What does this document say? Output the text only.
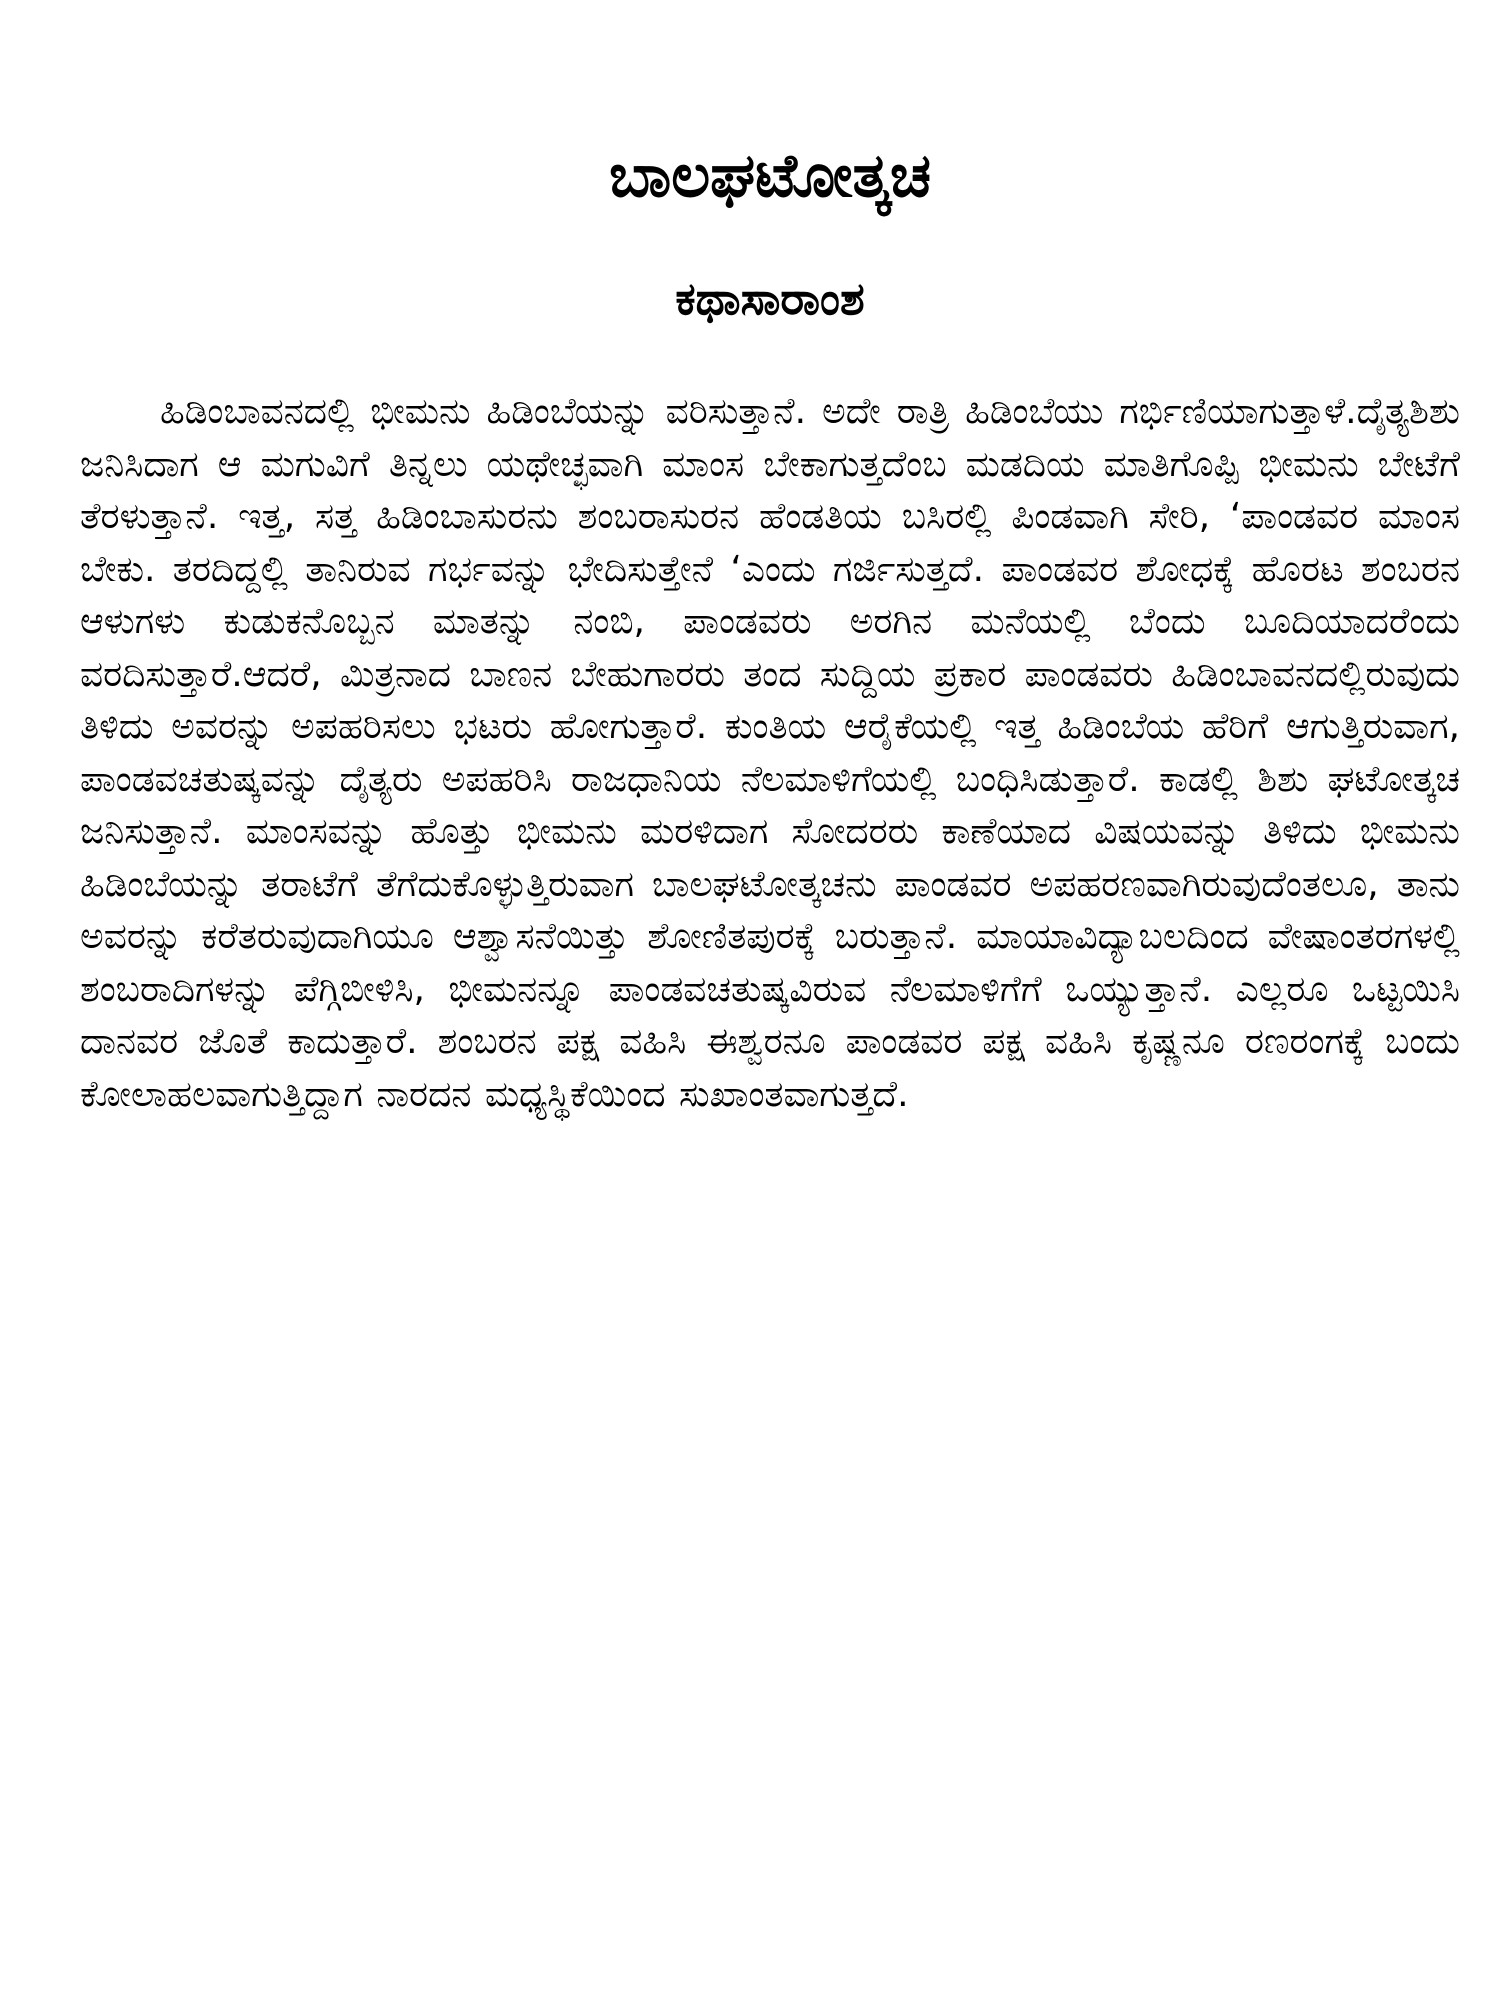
ಬಾಲಘಟೋತ್ಕಚ
ಕಥಾಸಾರಾಂಶ

ಹಿಡಿಂಬಾವನದಲ್ಲಿ ಭೀಮನು ಹಿಡಿಂಬೆಯನ್ನು ವರಿಸುತ್ತಾನೆ. ಅದೇ ರಾತ್ರಿ ಹಿಡಿಂಬೆಯು ಗರ್ಭಿಣಿಯಾಗುತ್ತಾಳೆ.ದೈತ್ಯಶಿಶು ಜನಿಸಿದಾಗ ಆ ಮಗುವಿಗೆ ತಿನ್ನಲು ಯಥೇಚ್ಛವಾಗಿ ಮಾಂಸ ಬೇಕಾಗುತ್ತದೆಂಬ ಮಡದಿಯ ಮಾತಿಗೊಪ್ಪಿ ಭೀಮನು ಬೇಟೆಗೆ ತೆರಳುತ್ತಾನೆ. ಇತ್ತ, ಸತ್ತ ಹಿಡಿಂಬಾಸುರನು ಶಂಬರಾಸುರನ ಹೆಂಡತಿಯ ಬಸಿರಲ್ಲಿ ಪಿಂಡವಾಗಿ ಸೇರಿ, ‘ಪಾಂಡವರ ಮಾಂಸ ಬೇಕು. ತರದಿದ್ದಲ್ಲಿ ತಾನಿರುವ ಗರ್ಭವನ್ನು ಭೇದಿಸುತ್ತೇನೆ ‘ಎಂದು ಗರ್ಜಿಸುತ್ತದೆ. ಪಾಂಡವರ ಶೋಧಕ್ಕೆ ಹೊರಟ ಶಂಬರನ ಆಳುಗಳು ಕುಡುಕನೊಬ್ಬನ ಮಾತನ್ನು ನಂಬಿ, ಪಾಂಡವರು ಅರಗಿನ ಮನೆಯಲ್ಲಿ ಬೆಂದು ಬೂದಿಯಾದರೆಂದು ವರದಿಸುತ್ತಾರೆ.ಆದರೆ, ಮಿತ್ರನಾದ ಬಾಣನ ಬೇಹುಗಾರರು ತಂದ ಸುದ್ದಿಯ ಪ್ರಕಾರ ಪಾಂಡವರು ಹಿಡಿಂಬಾವನದಲ್ಲಿರುವುದು ತಿಳಿದು ಅವರನ್ನು ಅಪಹರಿಸಲು ಭಟರು ಹೋಗುತ್ತಾರೆ. ಕುಂತಿಯ ಆರೈಕೆಯಲ್ಲಿ ಇತ್ತ ಹಿಡಿಂಬೆಯ ಹೆರಿಗೆ ಆಗುತ್ತಿರುವಾಗ, ಪಾಂಡವಚತುಷ್ಕವನ್ನು ದೈತ್ಯರು ಅಪಹರಿಸಿ ರಾಜಧಾನಿಯ ನೆಲಮಾಳಿಗೆಯಲ್ಲಿ ಬಂಧಿಸಿಡುತ್ತಾರೆ. ಕಾಡಲ್ಲಿ ಶಿಶು ಘಟೋತ್ಕಚ ಜನಿಸುತ್ತಾನೆ. ಮಾಂಸವನ್ನು ಹೊತ್ತು ಭೀಮನು ಮರಳಿದಾಗ ಸೋದರರು ಕಾಣೆಯಾದ ವಿಷಯವನ್ನು ತಿಳಿದು ಭೀಮನು ಹಿಡಿಂಬೆಯನ್ನು ತರಾಟೆಗೆ ತೆಗೆದುಕೊಳ್ಳುತ್ತಿರುವಾಗ ಬಾಲಘಟೋತ್ಕಚನು ಪಾಂಡವರ ಅಪಹರಣವಾಗಿರುವುದೆಂತಲೂ, ತಾನು ಅವರನ್ನು ಕರೆತರುವುದಾಗಿಯೂ ಆಶ್ವಾಸನೆಯಿತ್ತು ಶೋಣಿತಪುರಕ್ಕೆ ಬರುತ್ತಾನೆ. ಮಾಯಾವಿದ್ಯಾಬಲದಿಂದ ವೇಷಾಂತರಗಳಲ್ಲಿ ಶಂಬರಾದಿಗಳನ್ನು ಪೆಗ್ಗಿಬೀಳಿಸಿ, ಭೀಮನನ್ನೂ ಪಾಂಡವಚತುಷ್ಕವಿರುವ ನೆಲಮಾಳಿಗೆಗೆ ಒಯ್ಯುತ್ತಾನೆ. ಎಲ್ಲರೂ ಒಟ್ಟಯಿಸಿ ದಾನವರ ಜೊತೆ ಕಾದುತ್ತಾರೆ. ಶಂಬರನ ಪಕ್ಷ ವಹಿಸಿ ಈಶ್ವರನೂ ಪಾಂಡವರ ಪಕ್ಷ ವಹಿಸಿ ಕೃಷ್ಣನೂ ರಣರಂಗಕ್ಕೆ ಬಂದು ಕೋಲಾಹಲವಾಗುತ್ತಿದ್ದಾಗ ನಾರದನ ಮಧ್ಯಸ್ಥಿಕೆಯಿಂದ ಸುಖಾಂತವಾಗುತ್ತದೆ.
